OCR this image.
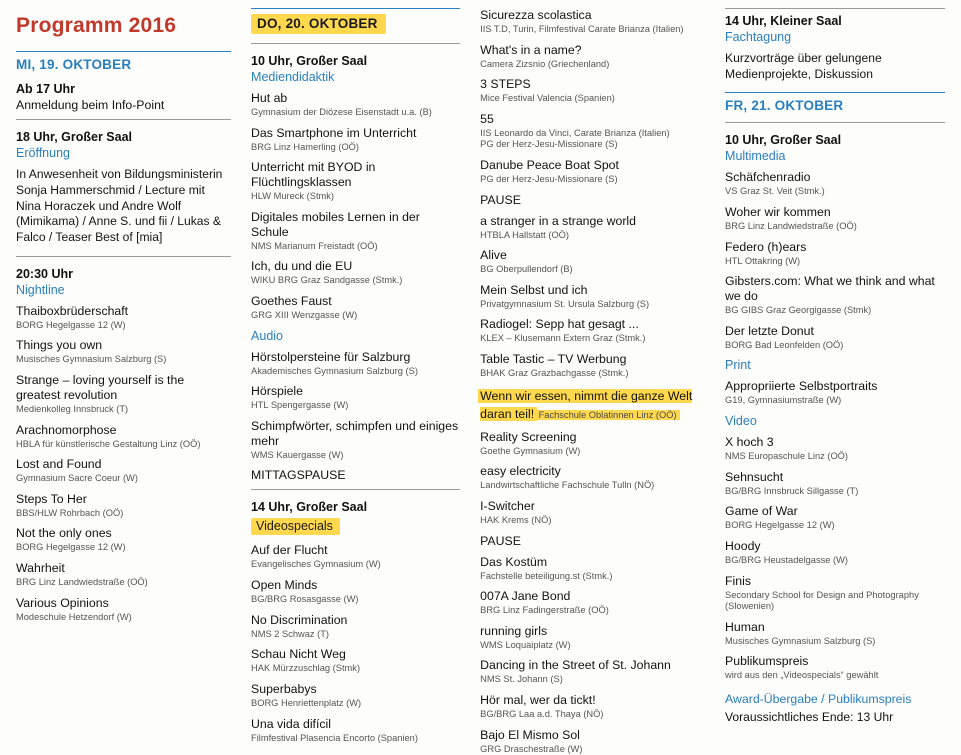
Programm 2016
MI, 19. OKTOBER
Ab 17 Uhr
Anmeldung beim Info-Point
18 Uhr, Großer Saal
Eröffnung
In Anwesenheit von Bildungsministerin Sonja Hammerschmid / Lecture mit Nina Horaczek und Andre Wolf (Mimikama) / Anne S. und fii / Lukas & Falco / Teaser Best of [mia]
20:30 Uhr
Nightline
Thaiboxbrüderschaft
BORG Hegelgasse 12 (W)
Things you own
Musisches Gymnasium Salzburg (S)
Strange – loving yourself is the greatest revolution
Medienkolleg Innsbruck (T)
Arachnomorphose
HBLA für künstlerische Gestaltung Linz (OÖ)
Lost and Found
Gymnasium Sacre Coeur (W)
Steps To Her
BBS/HLW Rohrbach (OÖ)
Not the only ones
BORG Hegelgasse 12 (W)
Wahrheit
BRG Linz Landwiedstraße (OÖ)
Various Opinions
Modeschule Hetzendorf (W)
DO, 20. OKTOBER
10 Uhr, Großer Saal
Mediendidaktik
Hut ab
Gymnasium der Diözese Eisenstadt u.a. (B)
Das Smartphone im Unterricht
BRG Linz Hamerling (OÖ)
Unterricht mit BYOD in Flüchtlingsklassen
HLW Mureck (Stmk)
Digitales mobiles Lernen in der Schule
NMS Marianum Freistadt (OÖ)
Ich, du und die EU
WIKU BRG Graz Sandgasse (Stmk.)
Goethes Faust
GRG XIII Wenzgasse (W)
Audio
Hörstolpersteine für Salzburg
Akademisches Gymnasium Salzburg (S)
Hörspiele
HTL Spengergasse (W)
Schimpfwörter, schimpfen und einiges mehr
WMS Kauergasse (W)
MITTAGSPAUSE
14 Uhr, Großer Saal
Videospecials
Auf der Flucht
Evangelisches Gymnasium (W)
Open Minds
BG/BRG Rosasgasse (W)
No Discrimination
NMS 2 Schwaz (T)
Schau Nicht Weg
HAK Mürzzuschlag (Stmk)
Superbabys
BORG Henriettenplatz (W)
Una vida difícil
Filmfestival Plasencia Encorto (Spanien)
Sicurezza scolastica
IIS T.D, Turin, Filmfestival Carate Brianza (Italien)
What's in a name?
Camera Zizsnio (Griechenland)
3 STEPS
Mice Festival Valencia (Spanien)
55
IIS Leonardo da Vinci, Carate Brianza (Italien)
PG der Herz-Jesu-Missionare (S)
Danube Peace Boat Spot
PG der Herz-Jesu-Missionare (S)
PAUSE
a stranger in a strange world
HTBLA Hallstatt (OÖ)
Alive
BG Oberpullendorf (B)
Mein Selbst und ich
Privatgymnasium St. Ursula Salzburg (S)
Radiogel: Sepp hat gesagt ...
KLEX – Klusemann Extern Graz (Stmk.)
Table Tastic – TV Werbung
BHAK Graz Grazbachgasse (Stmk.)
Wenn wir essen, nimmt die ganze Welt daran teil! Fachschule Oblatinnen Linz (OÖ)
Reality Screening
Goethe Gymnasium (W)
easy electricity
Landwirtschaftliche Fachschule Tulln (NÖ)
I-Switcher
HAK Krems (NÖ)
PAUSE
Das Kostüm
Fachstelle beteiligung.st (Stmk.)
007A Jane Bond
BRG Linz Fadingerstraße (OÖ)
running girls
WMS Loquaiplatz (W)
Dancing in the Street of St. Johann
NMS St. Johann (S)
Hör mal, wer da tickt!
BG/BRG Laa a.d. Thaya (NÖ)
Bajo El Mismo Sol
GRG Draschestraße (W)
14 Uhr, Kleiner Saal
Fachtagung
Kurzvorträge über gelungene Medienprojekte, Diskussion
FR, 21. OKTOBER
10 Uhr, Großer Saal
Multimedia
Schäfchenradio
VS Graz St. Veit (Stmk.)
Woher wir kommen
BRG Linz Landwiedstraße (OÖ)
Federo (h)ears
HTL Ottakring (W)
Gibsters.com: What we think and what we do
BG GIBS Graz Georgigasse (Stmk)
Der letzte Donut
BORG Bad Leonfelden (OÖ)
Print
Appropriierte Selbstportraits
G19, Gymnasiumstraße (W)
Video
X hoch 3
NMS Europaschule Linz (OÖ)
Sehnsucht
BG/BRG Innsbruck Sillgasse (T)
Game of War
BORG Hegelgasse 12 (W)
Hoody
BG/BRG Heustadelgasse (W)
Finis
Secondary School for Design and Photography (Slowenien)
Human
Musisches Gymnasium Salzburg (S)
Publikumspreis
wird aus den „Videospecials“ gewählt
Award-Übergabe / Publikumspreis
Voraussichtliches Ende: 13 Uhr
